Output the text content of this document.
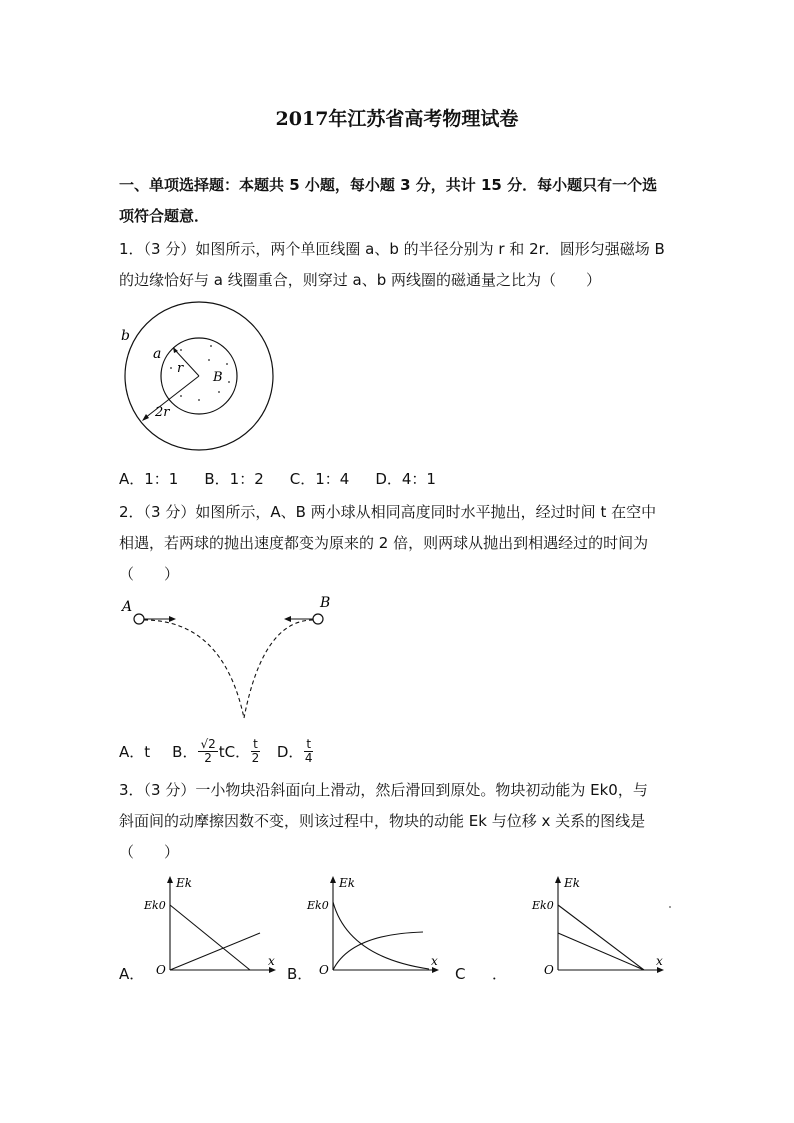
2017年江苏省高考物理试卷
一、单项选择题：本题共 5 小题，每小题 3 分，共计 15 分．每小题只有一个选
项符合题意．
1．（3 分）如图所示，两个单匝线圈 a、b 的半径分别为 r 和 2r．圆形匀强磁场 B
的边缘恰好与 a 线圈重合，则穿过 a、b 两线圈的磁通量之比为（　　）
b
a
r
B
2r
A．1：1 B．1：2 C．1：4 D．4：1
2．（3 分）如图所示，A、B 两小球从相同高度同时水平抛出，经过时间 t 在空中
相遇，若两球的抛出速度都变为原来的 2 倍，则两球从抛出到相遇经过的时间为
（　　）
A	B
A．t B． $\frac{√2}{2}$ t C． $\frac{t}{2}$ D． $\frac{t}{4}$
3．（3 分）一小物块沿斜面向上滑动，然后滑回到原处。物块初动能为 Ek0，与
斜面间的动摩擦因数不变，则该过程中，物块的动能 Ek 与位移 x 关系的图线是
（　　）
A．
Ek
Ek0
O
x
B．
Ek
Ek0
O
x
C ．
Ek
Ek0
O
x
